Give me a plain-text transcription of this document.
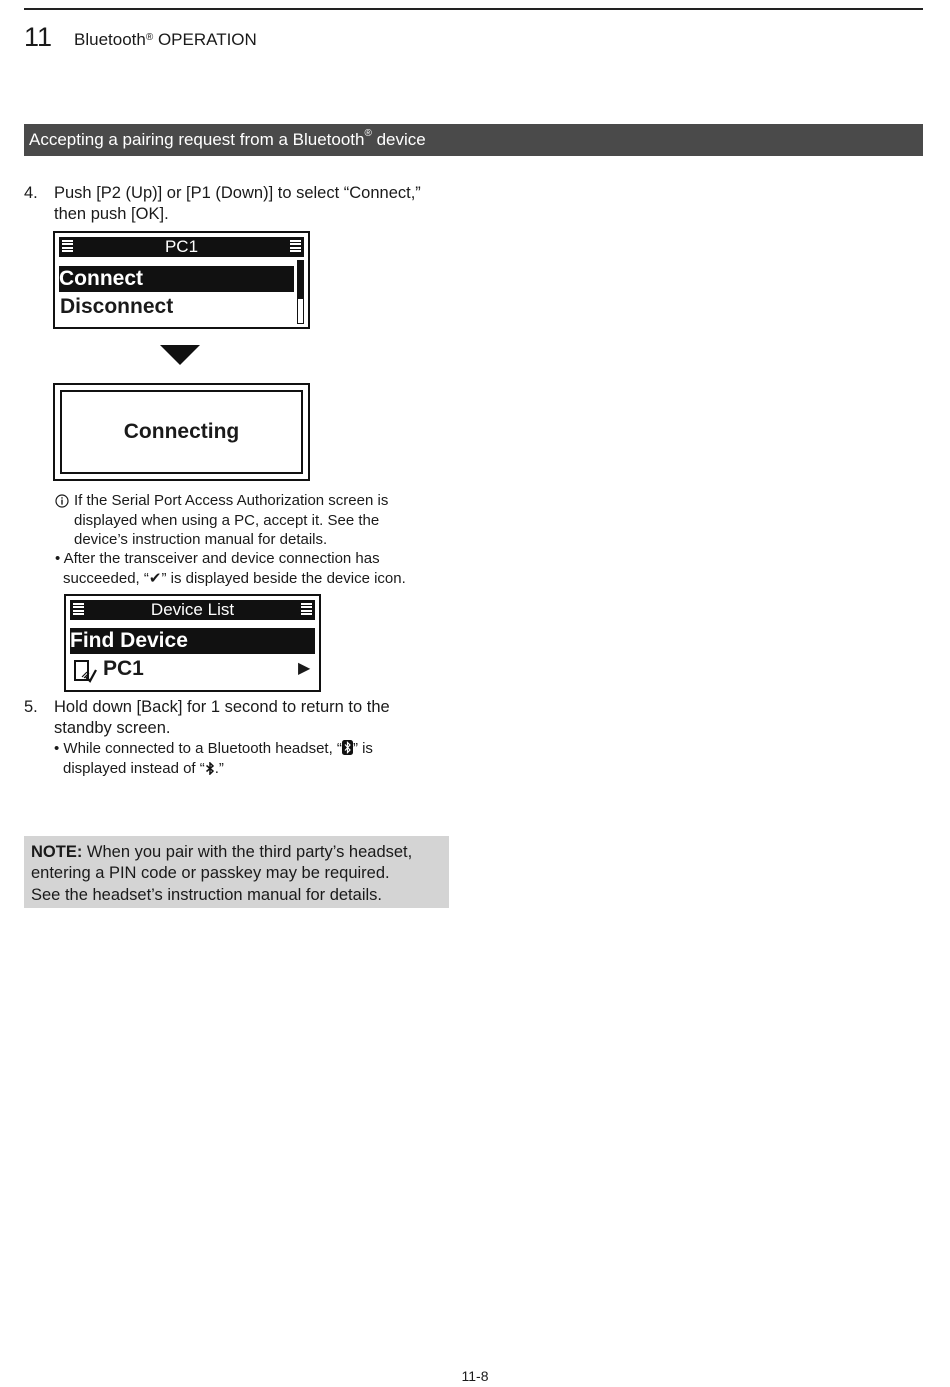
11 Bluetooth® OPERATION
Accepting a pairing request from a Bluetooth® device
4. Push [P2 (Up)] or [P1 (Down)] to select “Connect,”
then push [OK].
PC1
Connect
Disconnect
Connecting
If the Serial Port Access Authorization screen is
displayed when using a PC, accept it. See the
device’s instruction manual for details.
• After the transceiver and device connection has
succeeded, “✔” is displayed beside the device icon.
Device List
Find Device
PC1	▶
5. Hold down [Back] for 1 second to return to the
standby screen.
• While connected to a Bluetooth headset, “ ” is
displayed instead of “ .”
NOTE: When you pair with the third party’s headset,
entering a PIN code or passkey may be required.
See the headset’s instruction manual for details.
11-8
